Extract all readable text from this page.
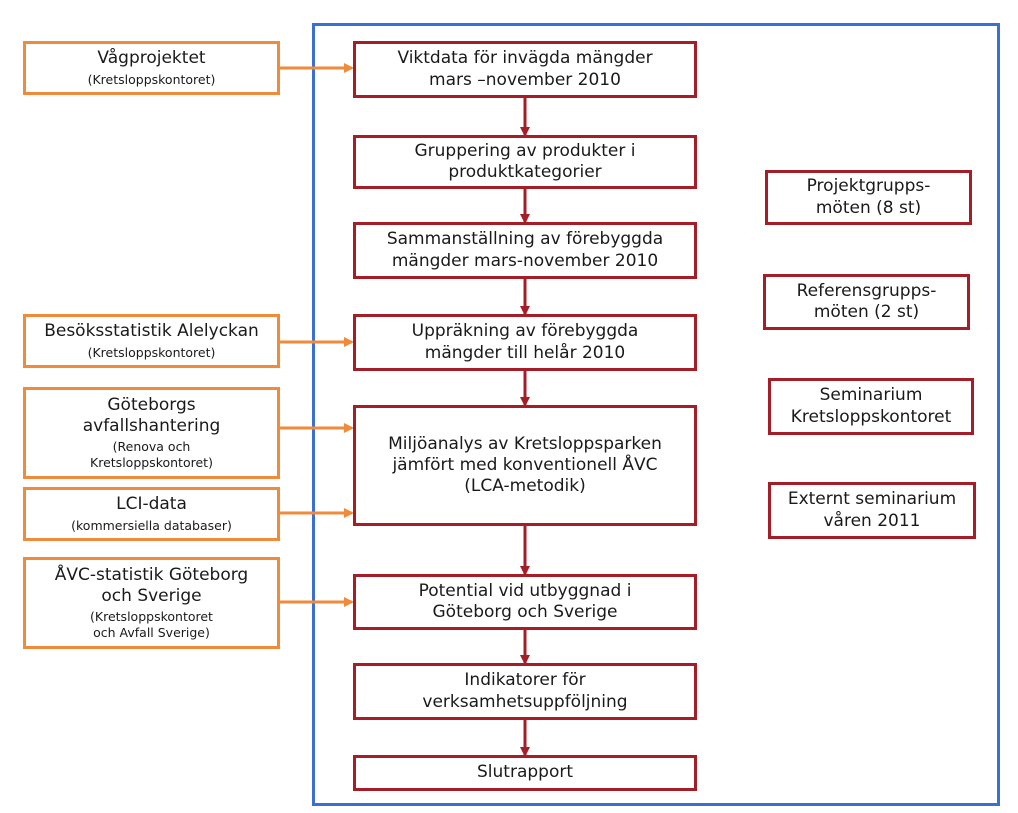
Vågprojektet
(Kretsloppskontoret)
Besöksstatistik Alelyckan
(Kretsloppskontoret)
Göteborgs
avfallshantering
(Renova och
Kretsloppskontoret)
LCI-data
(kommersiella databaser)
ÅVC-statistik Göteborg
och Sverige
(Kretsloppskontoret
och Avfall Sverige)
Viktdata för invägda mängder
mars –november 2010
Gruppering av produkter i
produktkategorier
Sammanställning av förebyggda
mängder mars-november 2010
Uppräkning av förebyggda
mängder till helår 2010
Miljöanalys av Kretsloppsparken
jämfört med konventionell ÅVC
(LCA-metodik)
Potential vid utbyggnad i
Göteborg och Sverige
Indikatorer för
verksamhetsuppföljning
Slutrapport
Projektgrupps-
möten (8 st)
Referensgrupps-
möten (2 st)
Seminarium
Kretsloppskontoret
Externt seminarium
våren 2011
